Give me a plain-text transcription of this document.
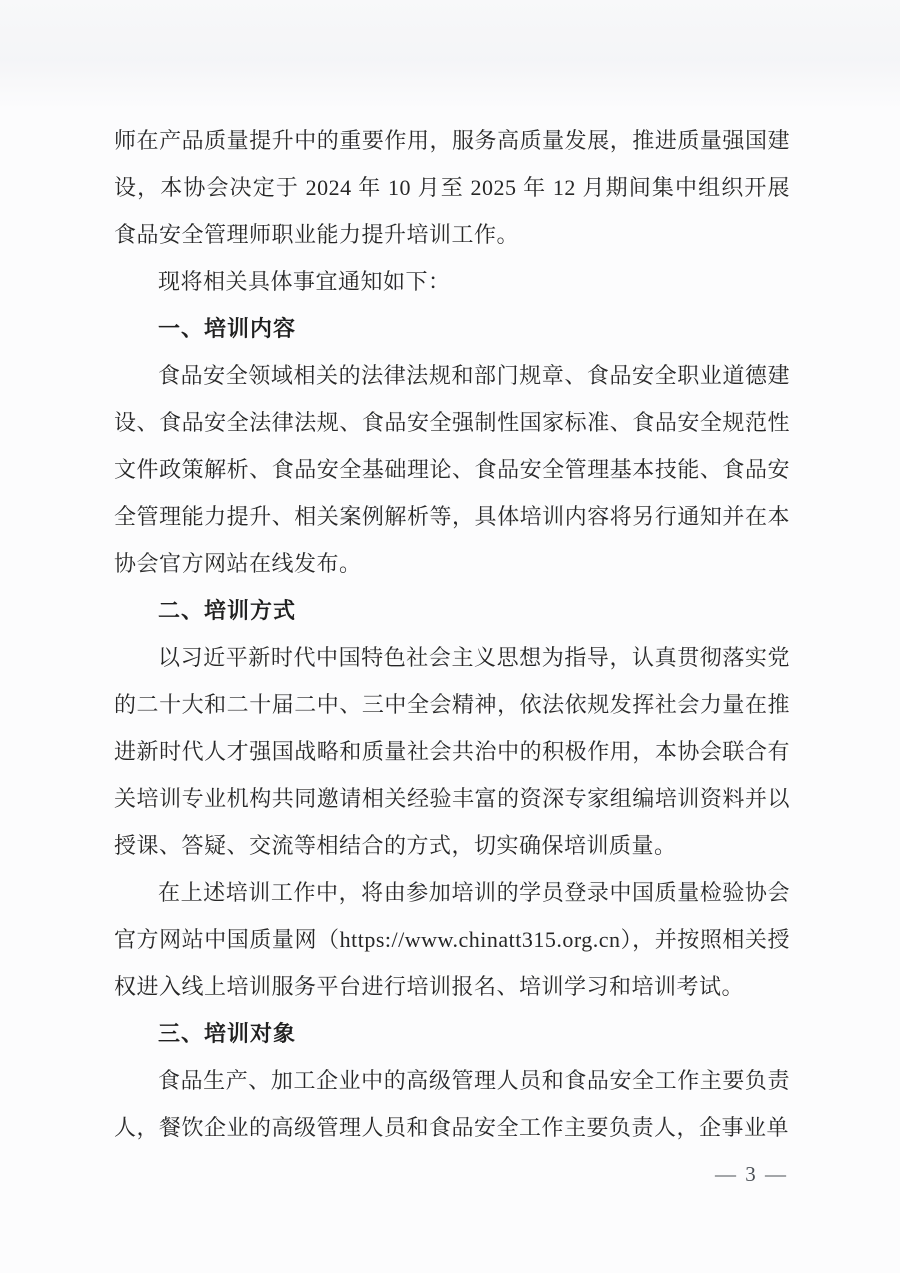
师在产品质量提升中的重要作用，服务高质量发展，推进质量强国建设，本协会决定于 2024 年 10 月至 2025 年 12 月期间集中组织开展食品安全管理师职业能力提升培训工作。

现将相关具体事宜通知如下：

一、培训内容

食品安全领域相关的法律法规和部门规章、食品安全职业道德建设、食品安全法律法规、食品安全强制性国家标准、食品安全规范性文件政策解析、食品安全基础理论、食品安全管理基本技能、食品安全管理能力提升、相关案例解析等，具体培训内容将另行通知并在本协会官方网站在线发布。

二、培训方式

以习近平新时代中国特色社会主义思想为指导，认真贯彻落实党的二十大和二十届二中、三中全会精神，依法依规发挥社会力量在推进新时代人才强国战略和质量社会共治中的积极作用，本协会联合有关培训专业机构共同邀请相关经验丰富的资深专家组编培训资料并以授课、答疑、交流等相结合的方式，切实确保培训质量。

在上述培训工作中，将由参加培训的学员登录中国质量检验协会官方网站中国质量网（https://www.chinatt315.org.cn），并按照相关授权进入线上培训服务平台进行培训报名、培训学习和培训考试。

三、培训对象

食品生产、加工企业中的高级管理人员和食品安全工作主要负责人，餐饮企业的高级管理人员和食品安全工作主要负责人，企事业单

— 3 —
